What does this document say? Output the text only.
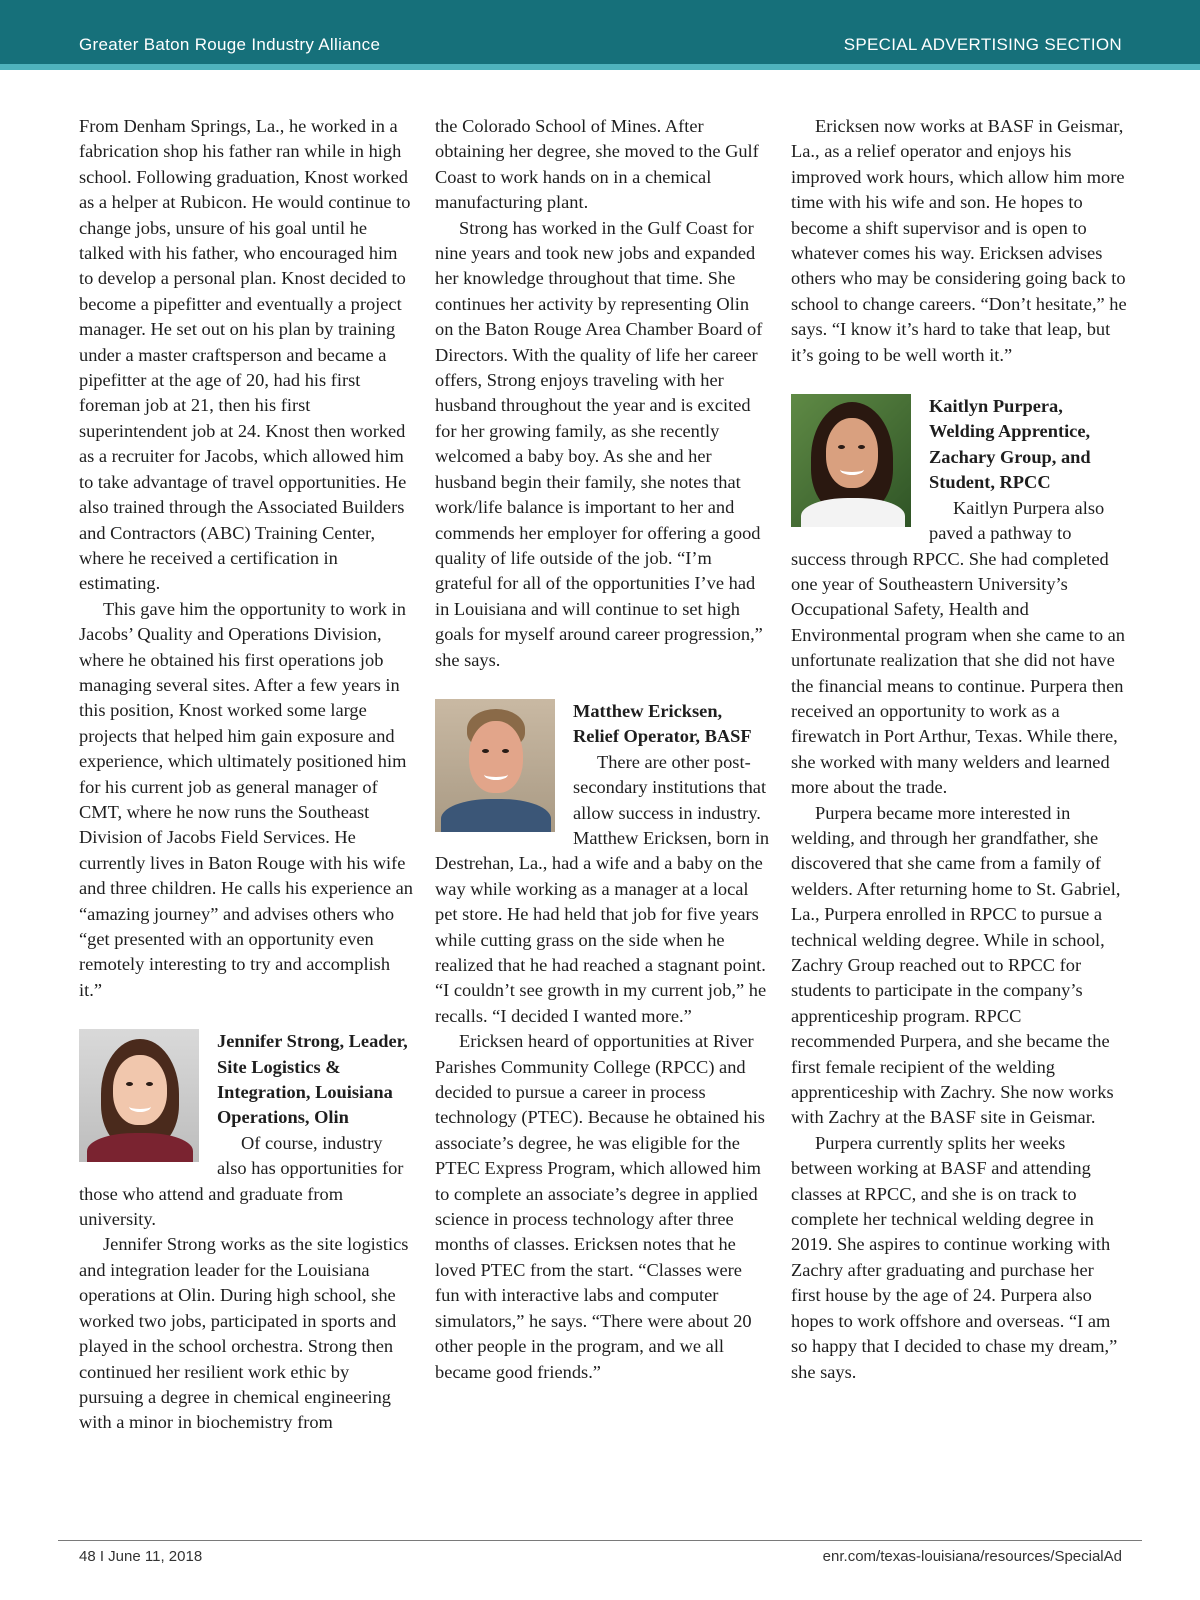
Greater Baton Rouge Industry Alliance	SPECIAL ADVERTISING SECTION

From Denham Springs, La., he worked in a fabrication shop his father ran while in high school. Following graduation, Knost worked as a helper at Rubicon. He would continue to change jobs, unsure of his goal until he talked with his father, who encouraged him to develop a personal plan. Knost decided to become a pipefitter and eventually a project manager. He set out on his plan by training under a master craftsperson and became a pipefitter at the age of 20, had his first foreman job at 21, then his first superintendent job at 24. Knost then worked as a recruiter for Jacobs, which allowed him to take advantage of travel opportunities. He also trained through the Associated Builders and Contractors (ABC) Training Center, where he received a certification in estimating.

This gave him the opportunity to work in Jacobs’ Quality and Operations Division, where he obtained his first operations job managing several sites. After a few years in this position, Knost worked some large projects that helped him gain exposure and experience, which ultimately positioned him for his current job as general manager of CMT, where he now runs the Southeast Division of Jacobs Field Services. He currently lives in Baton Rouge with his wife and three children. He calls his experience an “amazing journey” and advises others who “get presented with an opportunity even remotely interesting to try and accomplish it.”

Jennifer Strong, Leader, Site Logistics & Integration, Louisiana Operations, Olin

Of course, industry also has opportunities for those who attend and graduate from university.

Jennifer Strong works as the site logistics and integration leader for the Louisiana operations at Olin. During high school, she worked two jobs, participated in sports and played in the school orchestra. Strong then continued her resilient work ethic by pursuing a degree in chemical engineering with a minor in biochemistry from

the Colorado School of Mines. After obtaining her degree, she moved to the Gulf Coast to work hands on in a chemical manufacturing plant.

Strong has worked in the Gulf Coast for nine years and took new jobs and expanded her knowledge throughout that time. She continues her activity by representing Olin on the Baton Rouge Area Chamber Board of Directors. With the quality of life her career offers, Strong enjoys traveling with her husband throughout the year and is excited for her growing family, as she recently welcomed a baby boy. As she and her husband begin their family, she notes that work/life balance is important to her and commends her employer for offering a good quality of life outside of the job. “I’m grateful for all of the opportunities I’ve had in Louisiana and will continue to set high goals for myself around career progression,” she says.

Matthew Ericksen, Relief Operator, BASF

There are other post-secondary institutions that allow success in industry. Matthew Ericksen, born in Destrehan, La., had a wife and a baby on the way while working as a manager at a local pet store. He had held that job for five years while cutting grass on the side when he realized that he had reached a stagnant point. “I couldn’t see growth in my current job,” he recalls. “I decided I wanted more.”

Ericksen heard of opportunities at River Parishes Community College (RPCC) and decided to pursue a career in process technology (PTEC). Because he obtained his associate’s degree, he was eligible for the PTEC Express Program, which allowed him to complete an associate’s degree in applied science in process technology after three months of classes. Ericksen notes that he loved PTEC from the start. “Classes were fun with interactive labs and computer simulators,” he says. “There were about 20 other people in the program, and we all became good friends.”

Ericksen now works at BASF in Geismar, La., as a relief operator and enjoys his improved work hours, which allow him more time with his wife and son. He hopes to become a shift supervisor and is open to whatever comes his way. Ericksen advises others who may be considering going back to school to change careers. “Don’t hesitate,” he says. “I know it’s hard to take that leap, but it’s going to be well worth it.”

Kaitlyn Purpera, Welding Apprentice, Zachary Group, and Student, RPCC

Kaitlyn Purpera also paved a pathway to success through RPCC. She had completed one year of Southeastern University’s Occupational Safety, Health and Environmental program when she came to an unfortunate realization that she did not have the financial means to continue. Purpera then received an opportunity to work as a firewatch in Port Arthur, Texas. While there, she worked with many welders and learned more about the trade.

Purpera became more interested in welding, and through her grandfather, she discovered that she came from a family of welders. After returning home to St. Gabriel, La., Purpera enrolled in RPCC to pursue a technical welding degree. While in school, Zachry Group reached out to RPCC for students to participate in the company’s apprenticeship program. RPCC recommended Purpera, and she became the first female recipient of the welding apprenticeship with Zachry. She now works with Zachry at the BASF site in Geismar.

Purpera currently splits her weeks between working at BASF and attending classes at RPCC, and she is on track to complete her technical welding degree in 2019. She aspires to continue working with Zachry after graduating and purchase her first house by the age of 24. Purpera also hopes to work offshore and overseas. “I am so happy that I decided to chase my dream,” she says.

48 I June 11, 2018	enr.com/texas-louisiana/resources/SpecialAd
